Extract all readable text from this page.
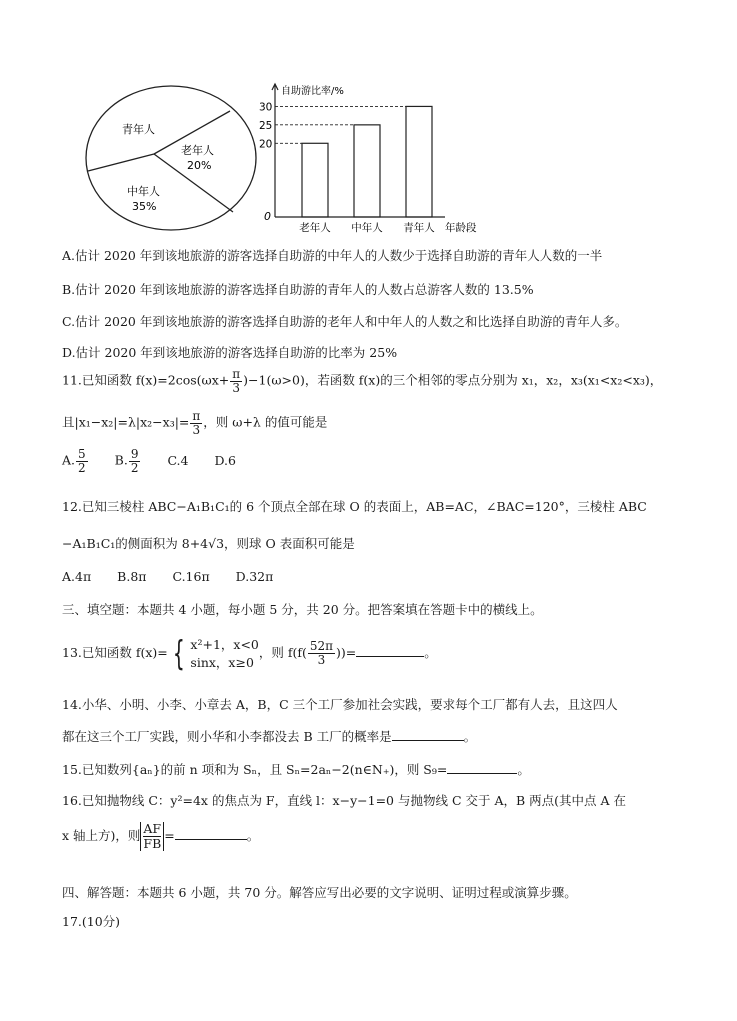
青年人
老年人
20%
中年人
35%
自助游比率/%
年龄段
0
20
老年人
25
中年人
30
青年人
A.估计 2020 年到该地旅游的游客选择自助游的中年人的人数少于选择自助游的青年人人数的一半
B.估计 2020 年到该地旅游的游客选择自助游的青年人的人数占总游客人数的 13.5%
C.估计 2020 年到该地旅游的游客选择自助游的老年人和中年人的人数之和比选择自助游的青年人多。
D.估计 2020 年到该地旅游的游客选择自助游的比率为 25%
11.已知函数 $f(x)=2\cos(\omega x+ \frac{\pi}{3} )-1(\omega>0)$，若函数 f(x)的三个相邻的零点分别为 x₁，x₂，x₃(x₁<x₂<x₃)，
且$|x_1-x_2|=\lambda|x_2-x_3|= \frac{\pi}{3}$ ，则 ω+λ 的值可能是
A. $\frac{5}{2} B$. $\frac{9}{2} C.4$ D.6
12.已知三棱柱 ABC−A₁B₁C₁的 6 个顶点全部在球 O 的表面上，AB=AC，∠BAC=120°，三棱柱 ABC
−A₁B₁C₁的侧面积为 8+4√3，则球 O 表面积可能是
A.4π B.8π C.16π D.32π
三、填空题：本题共 4 小题，每小题 5 分，共 20 分。把答案填在答题卡中的横线上。
13.已知函数 f(x)= { x²+1，x<0
sinx，x≥0
，则 $f(f( \frac{52\pi}{3}$ ))=	。
14.小华、小明、小李、小章去 A，B，C 三个工厂参加社会实践，要求每个工厂都有人去，且这四人
都在这三个工厂实践，则小华和小李都没去 B 工厂的概率是	。
15.已知数列{aₙ}的前 n 项和为 Sₙ，且 Sₙ=2aₙ−2(n∈N₊)，则 S₉=	。
16.已知抛物线 C：y²=4x 的焦点为 F，直线 l：x−y−1=0 与抛物线 C 交于 A，B 两点(其中点 A 在
x 轴上方)，则 $\frac{AF}{FB}$ =	。
四、解答题：本题共 6 小题，共 70 分。解答应写出必要的文字说明、证明过程或演算步骤。
17.(10分)
